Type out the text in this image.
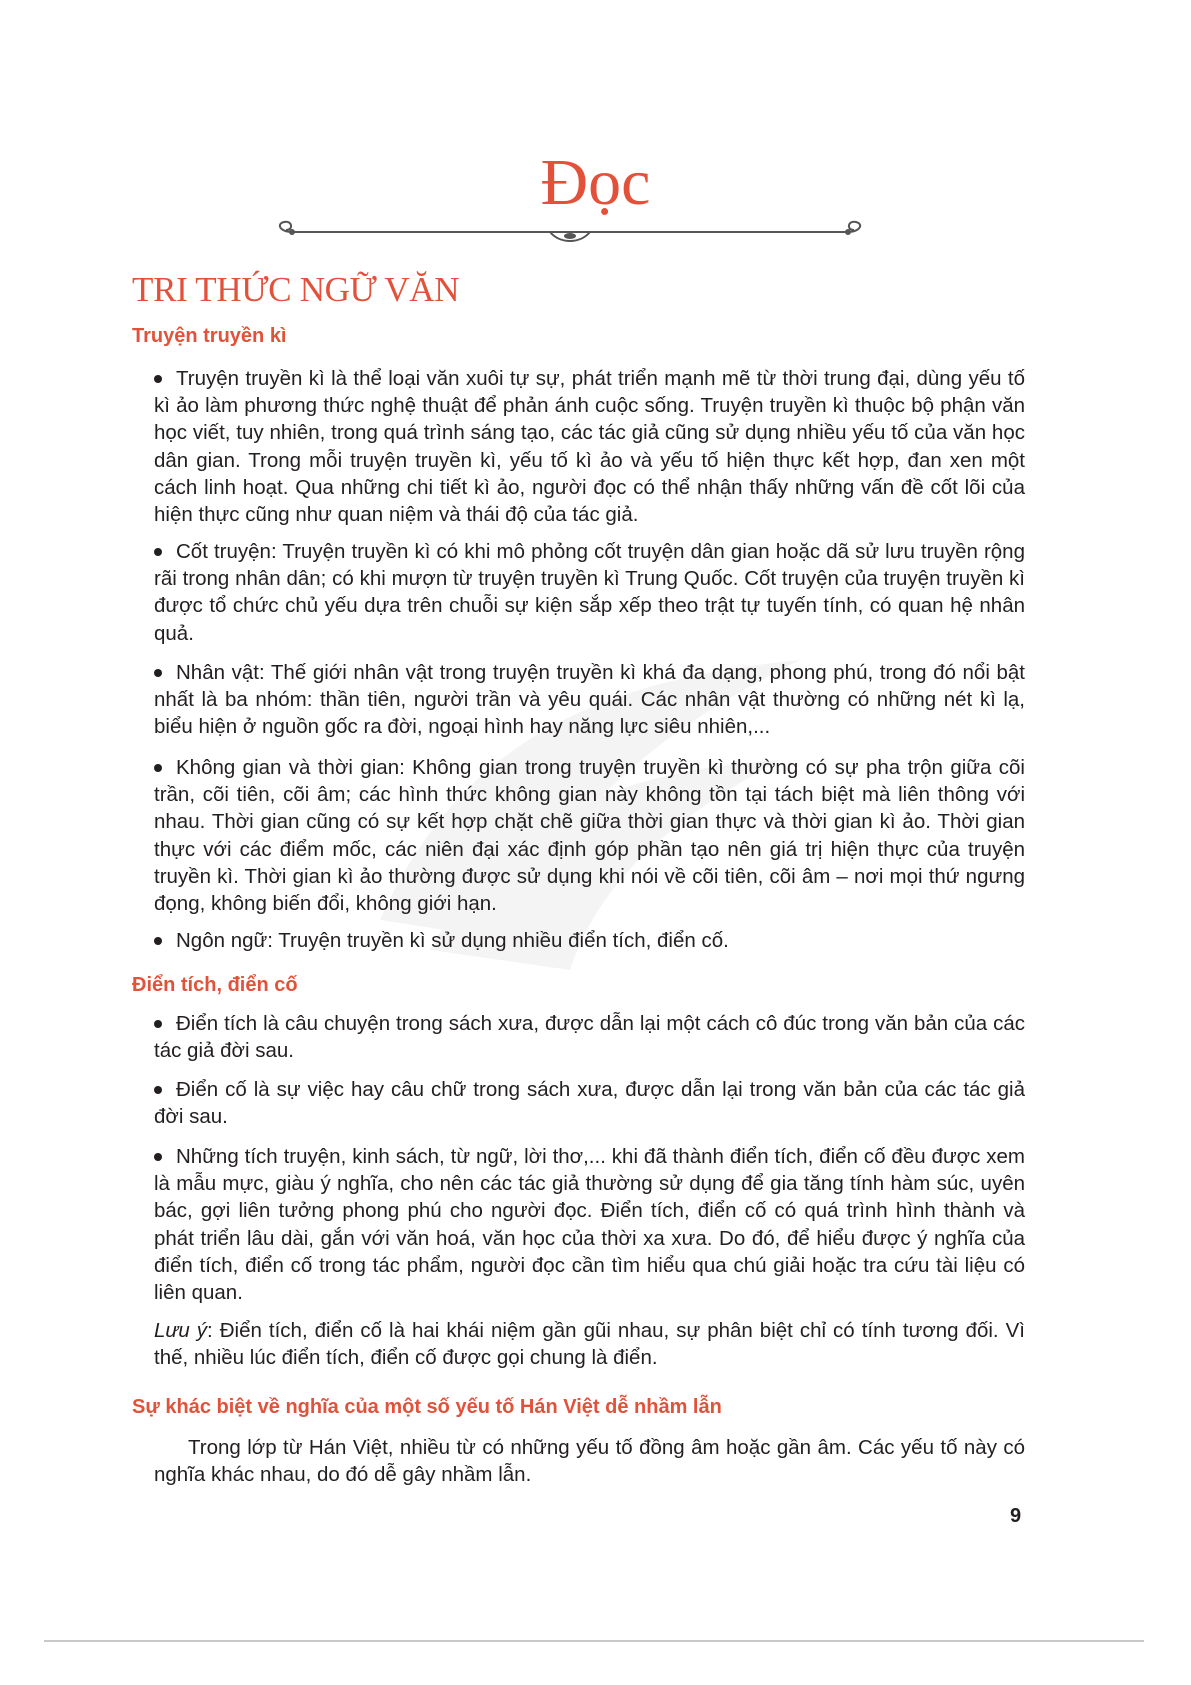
Đọc
TRI THỨC NGỮ VĂN
Truyện truyền kì
Truyện truyền kì là thể loại văn xuôi tự sự, phát triển mạnh mẽ từ thời trung đại, dùng yếu tố kì ảo làm phương thức nghệ thuật để phản ánh cuộc sống. Truyện truyền kì thuộc bộ phận văn học viết, tuy nhiên, trong quá trình sáng tạo, các tác giả cũng sử dụng nhiều yếu tố của văn học dân gian. Trong mỗi truyện truyền kì, yếu tố kì ảo và yếu tố hiện thực kết hợp, đan xen một cách linh hoạt. Qua những chi tiết kì ảo, người đọc có thể nhận thấy những vấn đề cốt lõi của hiện thực cũng như quan niệm và thái độ của tác giả.
Cốt truyện: Truyện truyền kì có khi mô phỏng cốt truyện dân gian hoặc dã sử lưu truyền rộng rãi trong nhân dân; có khi mượn từ truyện truyền kì Trung Quốc. Cốt truyện của truyện truyền kì được tổ chức chủ yếu dựa trên chuỗi sự kiện sắp xếp theo trật tự tuyến tính, có quan hệ nhân quả.
Nhân vật: Thế giới nhân vật trong truyện truyền kì khá đa dạng, phong phú, trong đó nổi bật nhất là ba nhóm: thần tiên, người trần và yêu quái. Các nhân vật thường có những nét kì lạ, biểu hiện ở nguồn gốc ra đời, ngoại hình hay năng lực siêu nhiên,...
Không gian và thời gian: Không gian trong truyện truyền kì thường có sự pha trộn giữa cõi trần, cõi tiên, cõi âm; các hình thức không gian này không tồn tại tách biệt mà liên thông với nhau. Thời gian cũng có sự kết hợp chặt chẽ giữa thời gian thực và thời gian kì ảo. Thời gian thực với các điểm mốc, các niên đại xác định góp phần tạo nên giá trị hiện thực của truyện truyền kì. Thời gian kì ảo thường được sử dụng khi nói về cõi tiên, cõi âm – nơi mọi thứ ngưng đọng, không biến đổi, không giới hạn.
Ngôn ngữ: Truyện truyền kì sử dụng nhiều điển tích, điển cố.
Điển tích, điển cố
Điển tích là câu chuyện trong sách xưa, được dẫn lại một cách cô đúc trong văn bản của các tác giả đời sau.
Điển cố là sự việc hay câu chữ trong sách xưa, được dẫn lại trong văn bản của các tác giả đời sau.
Những tích truyện, kinh sách, từ ngữ, lời thơ,... khi đã thành điển tích, điển cố đều được xem là mẫu mực, giàu ý nghĩa, cho nên các tác giả thường sử dụng để gia tăng tính hàm súc, uyên bác, gợi liên tưởng phong phú cho người đọc. Điển tích, điển cố có quá trình hình thành và phát triển lâu dài, gắn với văn hoá, văn học của thời xa xưa. Do đó, để hiểu được ý nghĩa của điển tích, điển cố trong tác phẩm, người đọc cần tìm hiểu qua chú giải hoặc tra cứu tài liệu có liên quan.
Lưu ý: Điển tích, điển cố là hai khái niệm gần gũi nhau, sự phân biệt chỉ có tính tương đối. Vì thế, nhiều lúc điển tích, điển cố được gọi chung là điển.
Sự khác biệt về nghĩa của một số yếu tố Hán Việt dễ nhầm lẫn
Trong lớp từ Hán Việt, nhiều từ có những yếu tố đồng âm hoặc gần âm. Các yếu tố này có nghĩa khác nhau, do đó dễ gây nhầm lẫn.
9
